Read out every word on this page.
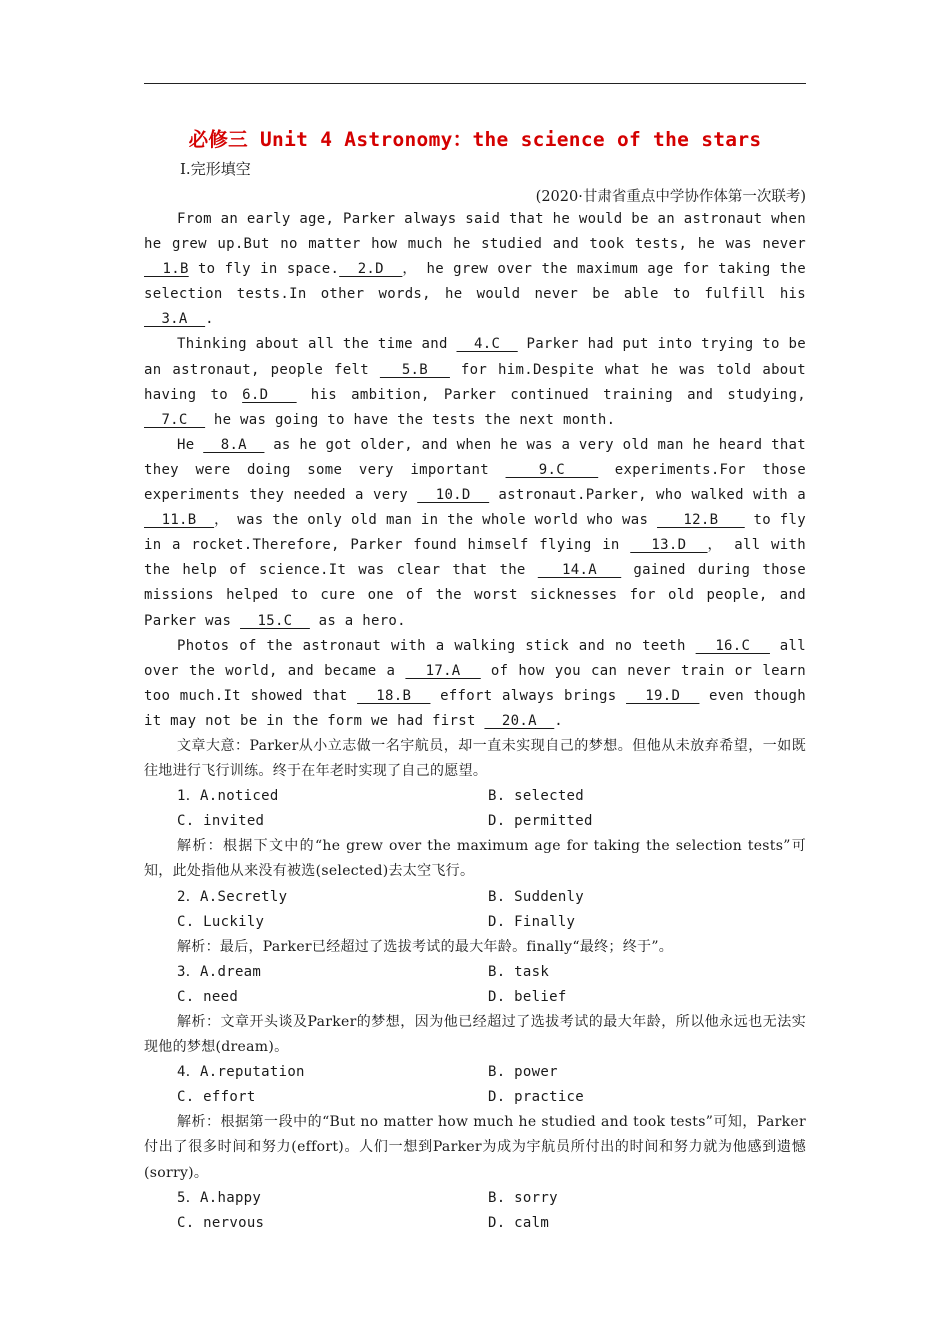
必修三 Unit 4 Astronomy：the science of the stars
Ⅰ.完形填空
(2020·甘肃省重点中学协作体第一次联考)

From an early age, Parker always said that he would be an astronaut when he grew up.But no matter how much he studied and took tests, he was never   1.B to fly in space.  2.D  ， he grew over the maximum age for taking the selection tests.In other words, he would never be able to fulfill his   3.A  .

Thinking about all the time and   4.C   Parker had put into trying to be an astronaut, people felt   5.B   for him.Despite what he was told about having to 6.D   his ambition, Parker continued training and studying,   7.C   he was going to have the tests the next month.

He   8.A   as he got older, and when he was a very old man he heard that they were doing some very important   9.C   experiments.For those experiments they needed a very   10.D   astronaut.Parker, who walked with a   11.B  ， was the only old man in the whole world who was    12.B    to fly in a rocket.Therefore, Parker found himself flying in   13.D  ， all with the help of science.It was clear that the   14.A   gained during those missions helped to cure one of the worst sicknesses for old people, and Parker was   15.C   as a hero.

Photos of the astronaut with a walking stick and no teeth   16.C   all over the world, and became a   17.A   of how you can never train or learn too much.It showed that   18.B   effort always brings   19.D   even though it may not be in the form we had first   20.A  .

文章大意：Parker从小立志做一名宇航员，却一直未实现自己的梦想。但他从未放弃希望，一如既往地进行飞行训练。终于在年老时实现了自己的愿望。

1．A.noticed	B. selected
C. invited	D. permitted

解析：根据下文中的“he grew over the maximum age for taking the selection tests”可知，此处指他从来没有被选(selected)去太空飞行。

2．A.Secretly	B. Suddenly
C. Luckily	D. Finally

解析：最后，Parker已经超过了选拔考试的最大年龄。finally“最终；终于”。

3．A.dream	B. task
C. need	D. belief

解析：文章开头谈及Parker的梦想，因为他已经超过了选拔考试的最大年龄，所以他永远也无法实现他的梦想(dream)。

4．A.reputation	B. power
C. effort	D. practice

解析：根据第一段中的“But no matter how much he studied and took tests”可知，Parker付出了很多时间和努力(effort)。人们一想到Parker为成为宇航员所付出的时间和努力就为他感到遗憾(sorry)。

5．A.happy	B. sorry
C. nervous	D. calm
